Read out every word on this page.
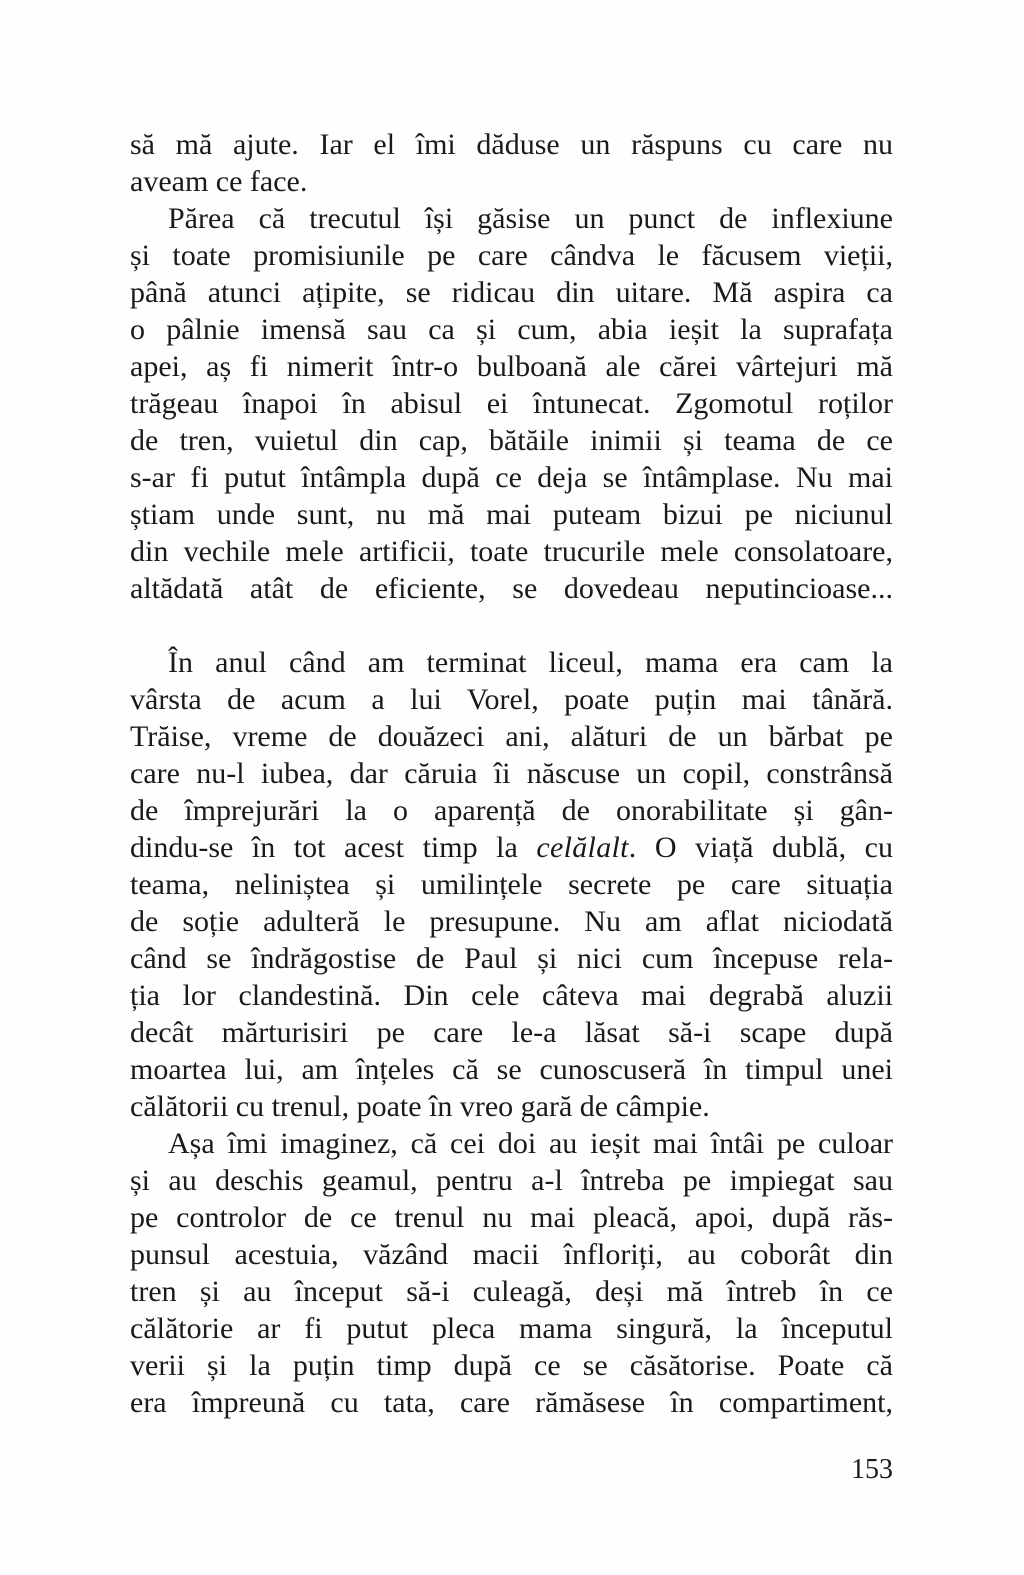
să mă ajute. Iar el îmi dăduse un răspuns cu care nu
aveam ce face.
Părea că trecutul își găsise un punct de inflexiune
și toate promisiunile pe care cândva le făcusem vieții,
până atunci ațipite, se ridicau din uitare. Mă aspira ca
o pâlnie imensă sau ca și cum, abia ieșit la suprafața
apei, aș fi nimerit într-o bulboană ale cărei vârtejuri mă
trăgeau înapoi în abisul ei întunecat. Zgomotul roților
de tren, vuietul din cap, bătăile inimii și teama de ce
s-ar fi putut întâmpla după ce deja se întâmplase. Nu mai
știam unde sunt, nu mă mai puteam bizui pe niciunul
din vechile mele artificii, toate trucurile mele consolatoare,
altădată atât de eficiente, se dovedeau neputincioase...
În anul când am terminat liceul, mama era cam la
vârsta de acum a lui Vorel, poate puțin mai tânără.
Trăise, vreme de douăzeci ani, alături de un bărbat pe
care nu-l iubea, dar căruia îi născuse un copil, constrânsă
de împrejurări la o aparență de onorabilitate și gân-
dindu-se în tot acest timp la celălalt. O viață dublă, cu
teama, neliniștea și umilințele secrete pe care situația
de soție adulteră le presupune. Nu am aflat niciodată
când se îndrăgostise de Paul și nici cum începuse rela-
ția lor clandestină. Din cele câteva mai degrabă aluzii
decât mărturisiri pe care le-a lăsat să-i scape după
moartea lui, am înțeles că se cunoscuseră în timpul unei
călătorii cu trenul, poate în vreo gară de câmpie.
Așa îmi imaginez, că cei doi au ieșit mai întâi pe culoar
și au deschis geamul, pentru a-l întreba pe impiegat sau
pe controlor de ce trenul nu mai pleacă, apoi, după răs-
punsul acestuia, văzând macii înfloriți, au coborât din
tren și au început să-i culeagă, deși mă întreb în ce
călătorie ar fi putut pleca mama singură, la începutul
verii și la puțin timp după ce se căsătorise. Poate că
era împreună cu tata, care rămăsese în compartiment,
153
